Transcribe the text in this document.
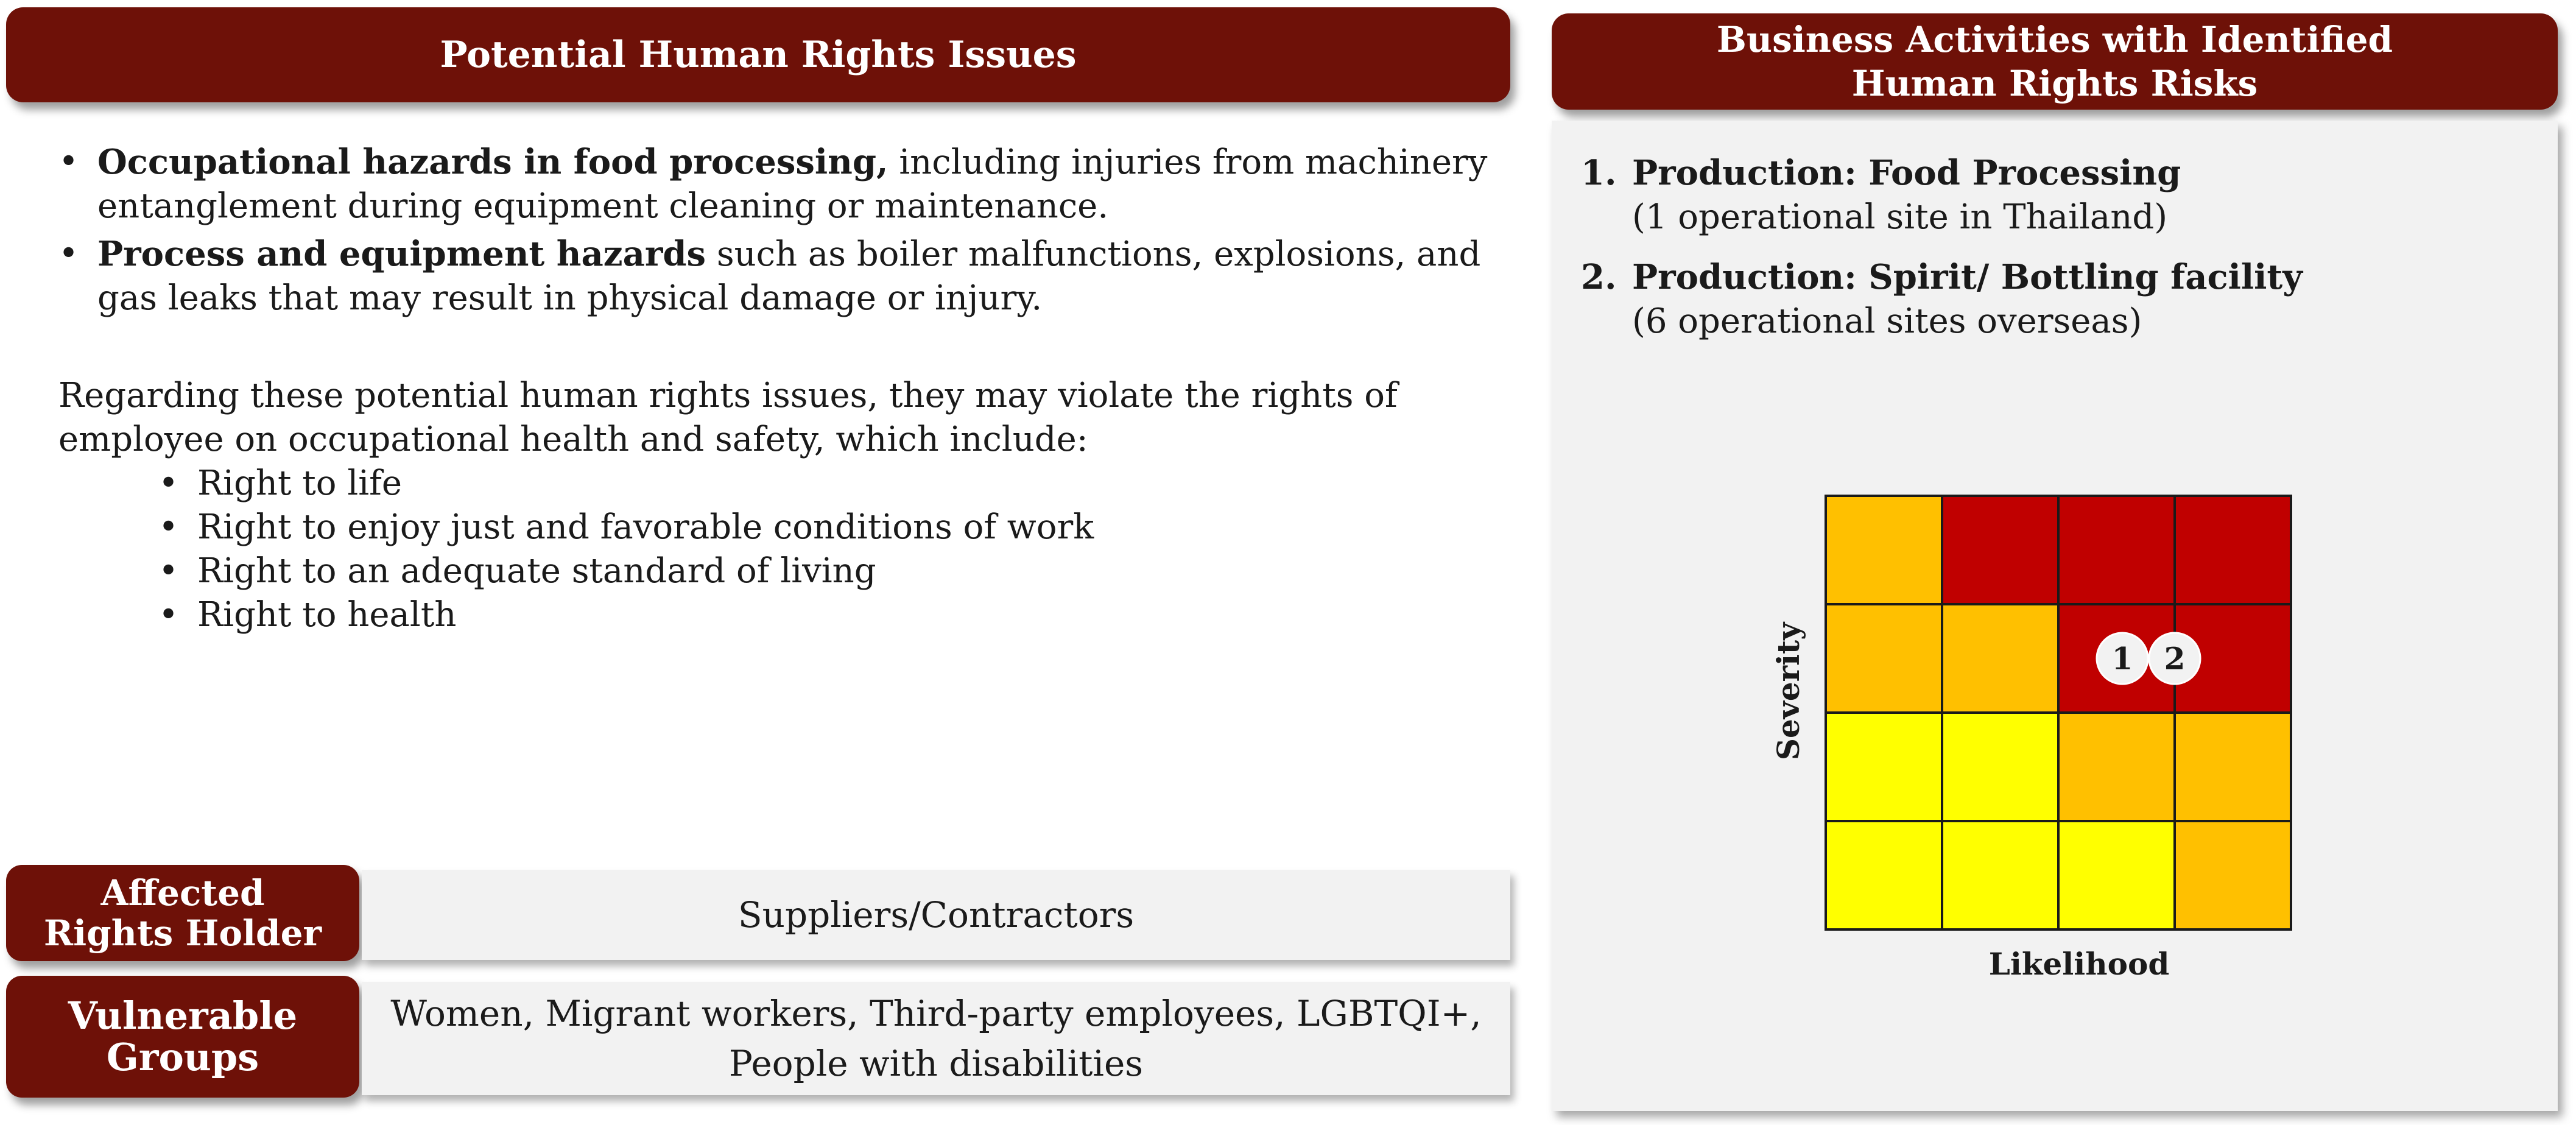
Potential Human Rights Issues
• Occupational hazards in food processing, including injuries from machinery entanglement during equipment cleaning or maintenance.
• Process and equipment hazards such as boiler malfunctions, explosions, and gas leaks that may result in physical damage or injury.

Regarding these potential human rights issues, they may violate the rights of employee on occupational health and safety, which include:

• Right to life
• Right to enjoy just and favorable conditions of work
• Right to an adequate standard of living
• Right to health
Affected
Rights Holder	Suppliers/Contractors
Vulnerable
Groups
Women, Migrant workers, Third-party employees, LGBTQI+,
People with disabilities
Business Activities with Identified
Human Rights Risks
1. Production: Food Processing
(1 operational site in Thailand)
2. Production: Spirit/ Bottling facility
(6 operational sites overseas)
1 2
Likelihood
Severity
